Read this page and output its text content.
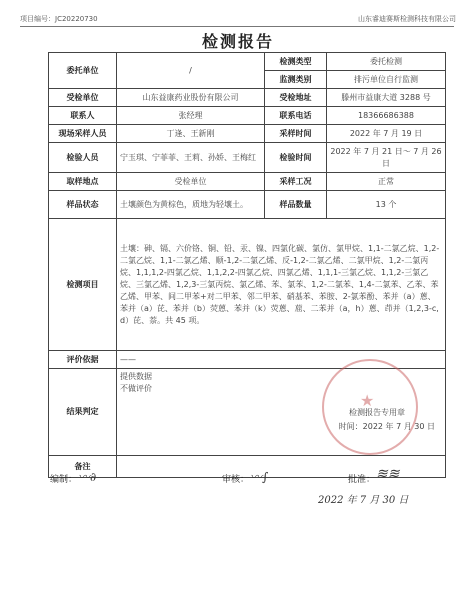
项目编号：JC20220730	山东睿迪赛斯检测科技有限公司
检测报告
委托单位	/	检测类型	委托检测
		监测类别	排污单位自行监测
受检单位	山东益康药业股份有限公司	受检地址	滕州市益康大道 3288 号
联系人	张经理	联系电话	18366686388
现场采样人员	丁逢、王新刚	采样时间	2022 年 7 月 19 日
检验人员	宁玉琪、宁菲菲、王莉、孙娇、王梅红	检验时间	2022 年 7 月 21 日～ 7 月 26 日
取样地点	受检单位	采样工况	正常
样品状态	土壤颜色为黄棕色，质地为轻壤土。	样品数量	13 个
检测项目	土壤：砷、镉、六价铬、铜、铅、汞、镍、四氯化碳、氯仿、氯甲烷、1,1-二氯乙烷、1,2-二氯乙烷、1,1-二氯乙烯、顺-1,2-二氯乙烯、反-1,2-二氯乙烯、二氯甲烷、1,2-二氯丙烷、1,1,1,2-四氯乙烷、1,1,2,2-四氯乙烷、四氯乙烯、1,1,1-三氯乙烷、1,1,2-三氯乙烷、三氯乙烯、1,2,3-三氯丙烷、氯乙烯、苯、氯苯、1,2-二氯苯、1,4-二氯苯、乙苯、苯乙烯、甲苯、间二甲苯+对二甲苯、邻二甲苯、硝基苯、苯胺、2-氯苯酚、苯并（a）蒽、苯并（a）芘、苯并（b）荧蒽、苯并（k）荧蒽、䓛、二苯并（a，h）蒽、茚并（1,2,3-c,d）芘、萘。共 45 项。		
评价依据	——		
结果判定	提供数据
不做评价
★
检测报告专用章
时间：2022 年 7 月 30 日		

备注			
编制： 〰∂	审核： 〰∫	批准： ≋≋
2022 年 7 月 30 日
